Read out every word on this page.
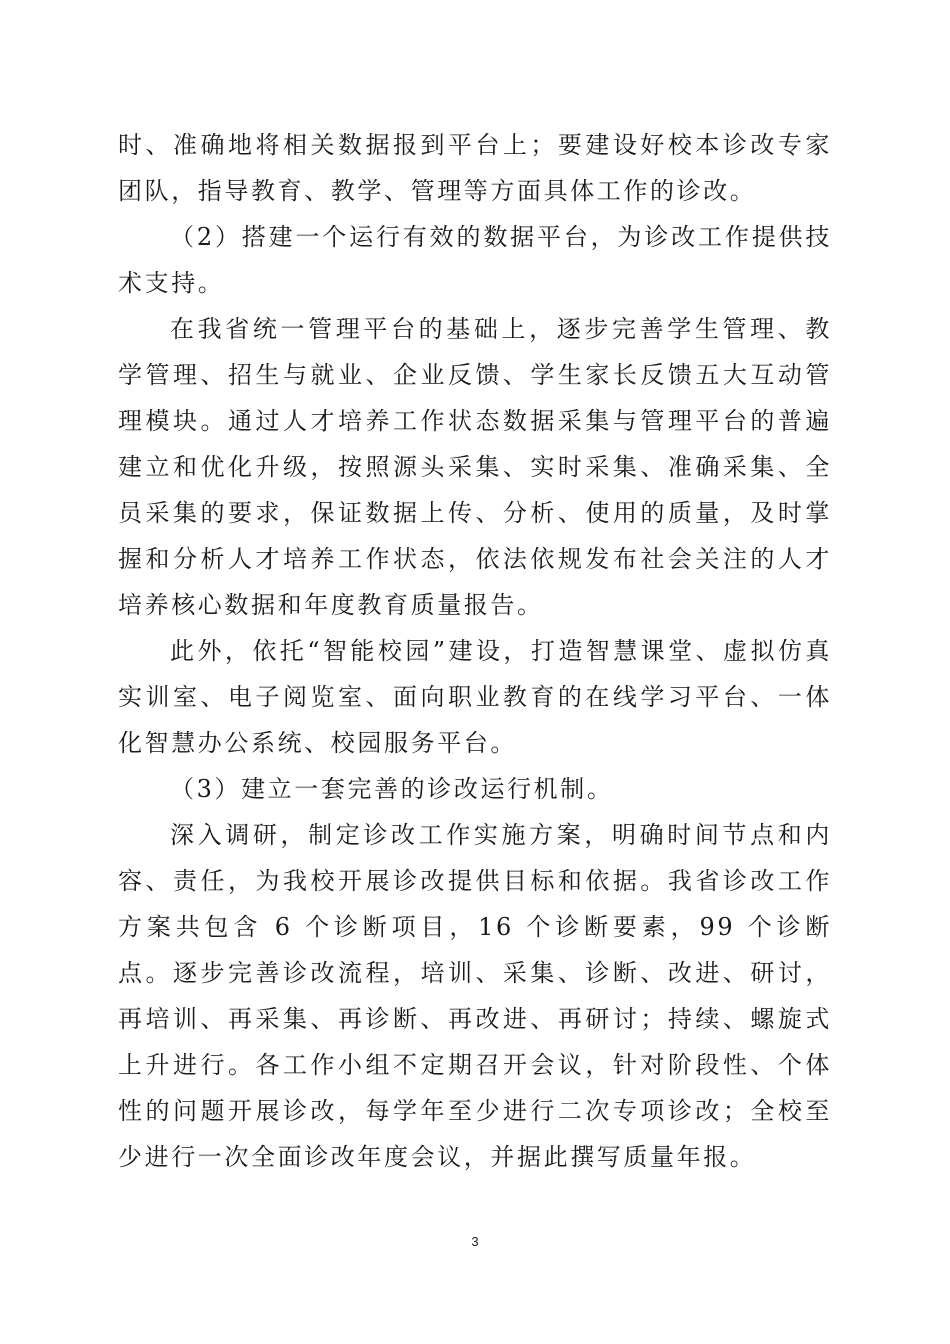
时、准确地将相关数据报到平台上；要建设好校本诊改专家团队，指导教育、教学、管理等方面具体工作的诊改。

（2）搭建一个运行有效的数据平台，为诊改工作提供技术支持。

在我省统一管理平台的基础上，逐步完善学生管理、教学管理、招生与就业、企业反馈、学生家长反馈五大互动管理模块。通过人才培养工作状态数据采集与管理平台的普遍建立和优化升级，按照源头采集、实时采集、准确采集、全员采集的要求，保证数据上传、分析、使用的质量，及时掌握和分析人才培养工作状态，依法依规发布社会关注的人才培养核心数据和年度教育质量报告。

此外，依托“智能校园”建设，打造智慧课堂、虚拟仿真实训室、电子阅览室、面向职业教育的在线学习平台、一体化智慧办公系统、校园服务平台。

（3）建立一套完善的诊改运行机制。

深入调研，制定诊改工作实施方案，明确时间节点和内容、责任，为我校开展诊改提供目标和依据。我省诊改工作方案共包含 6 个诊断项目，16 个诊断要素，99 个诊断点。逐步完善诊改流程，培训、采集、诊断、改进、研讨，再培训、再采集、再诊断、再改进、再研讨；持续、螺旋式上升进行。各工作小组不定期召开会议，针对阶段性、个体性的问题开展诊改，每学年至少进行二次专项诊改；全校至少进行一次全面诊改年度会议，并据此撰写质量年报。

3
